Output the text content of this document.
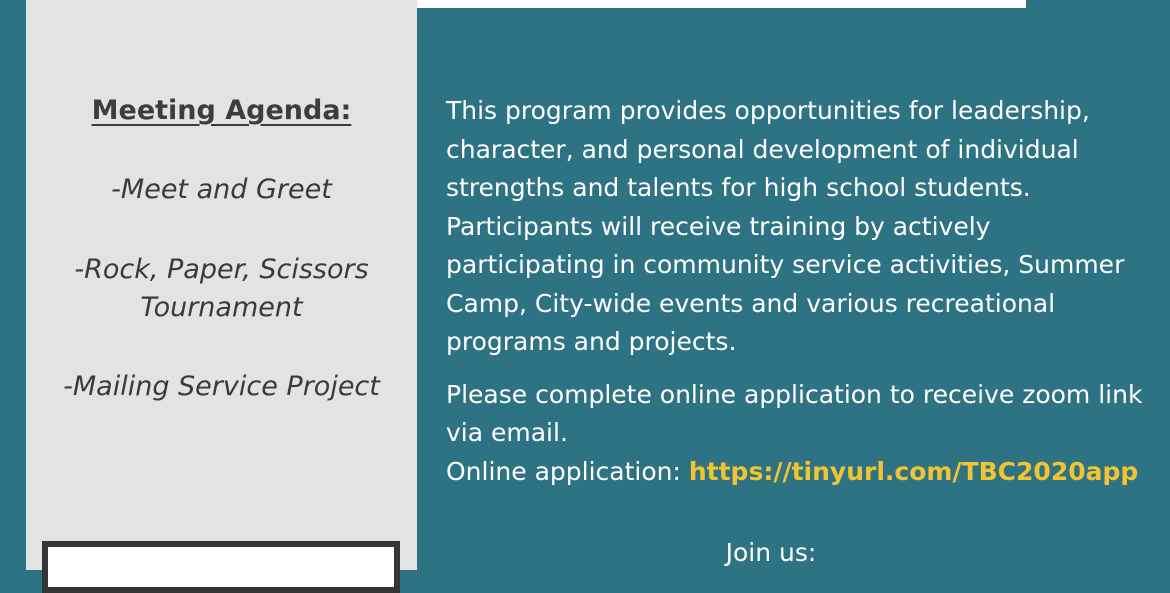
Meeting Agenda:

-Meet and Greet

-Rock, Paper, Scissors Tournament

-Mailing Service Project

This program provides opportunities for leadership, character, and personal development of individual strengths and talents for high school students. Participants will receive training by actively participating in community service activities, Summer Camp, City-wide events and various recreational programs and projects.

Please complete online application to receive zoom link via email.

Online application: https://tinyurl.com/TBC2020app

Join us:
